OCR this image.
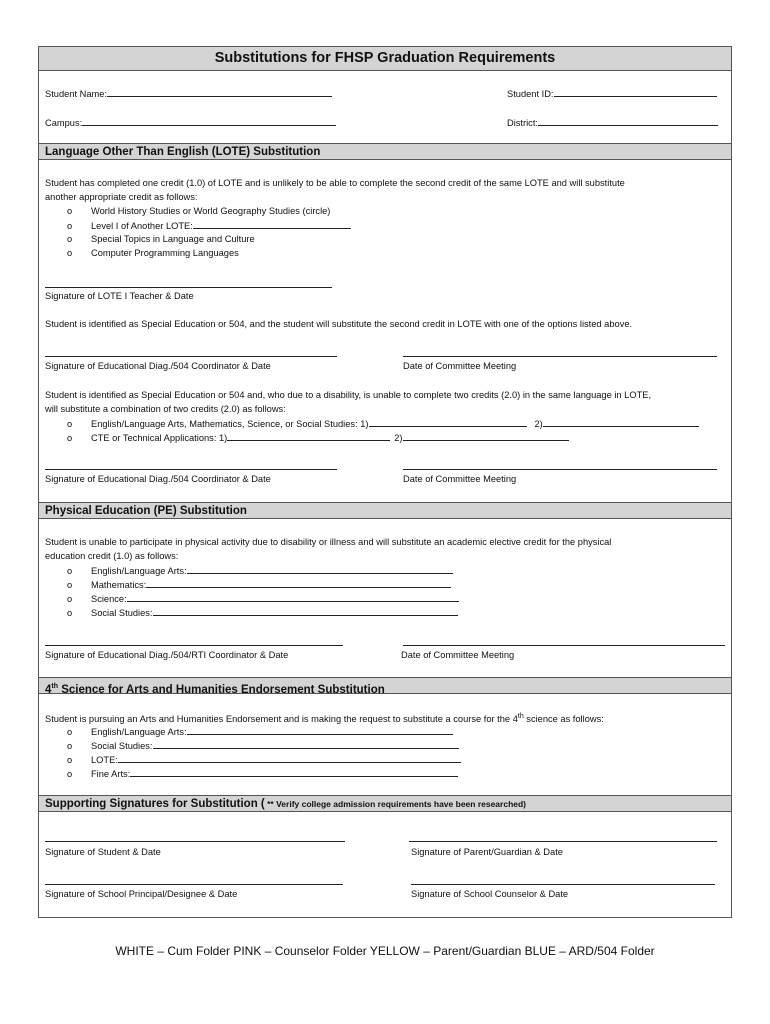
Substitutions for FHSP Graduation Requirements
Student Name:	Student ID:
Campus:	District:
Language Other Than English (LOTE) Substitution
Student has completed one credit (1.0) of LOTE and is unlikely to be able to complete the second credit of the same LOTE and will substitute
another appropriate credit as follows:
o World History Studies or World Geography Studies (circle)
o Level I of Another LOTE:
o Special Topics in Language and Culture
o Computer Programming Languages
Signature of LOTE I Teacher & Date
Student is identified as Special Education or 504, and the student will substitute the second credit in LOTE with one of the options listed above.
Signature of Educational Diag./504 Coordinator & Date	Date of Committee Meeting
Student is identified as Special Education or 504 and, who due to a disability, is unable to complete two credits (2.0) in the same language in LOTE,
will substitute a combination of two credits (2.0) as follows:
o English/Language Arts, Mathematics, Science, or Social Studies: 1)	2)
o CTE or Technical Applications: 1)	2)
Signature of Educational Diag./504 Coordinator & Date	Date of Committee Meeting
Physical Education (PE) Substitution
Student is unable to participate in physical activity due to disability or illness and will substitute an academic elective credit for the physical
education credit (1.0) as follows:
o English/Language Arts:
o Mathematics:
o Science:
o Social Studies:
Signature of Educational Diag./504/RTI Coordinator & Date	Date of Committee Meeting
4th Science for Arts and Humanities Endorsement Substitution
Student is pursuing an Arts and Humanities Endorsement and is making the request to substitute a course for the 4th science as follows:
o English/Language Arts:
o Social Studies:
o LOTE:
o Fine Arts:
Supporting Signatures for Substitution ( ** Verify college admission requirements have been researched)
Signature of Student & Date	Signature of Parent/Guardian & Date
Signature of School Principal/Designee & Date	Signature of School Counselor & Date
WHITE – Cum Folder PINK – Counselor Folder YELLOW – Parent/Guardian BLUE – ARD/504 Folder
